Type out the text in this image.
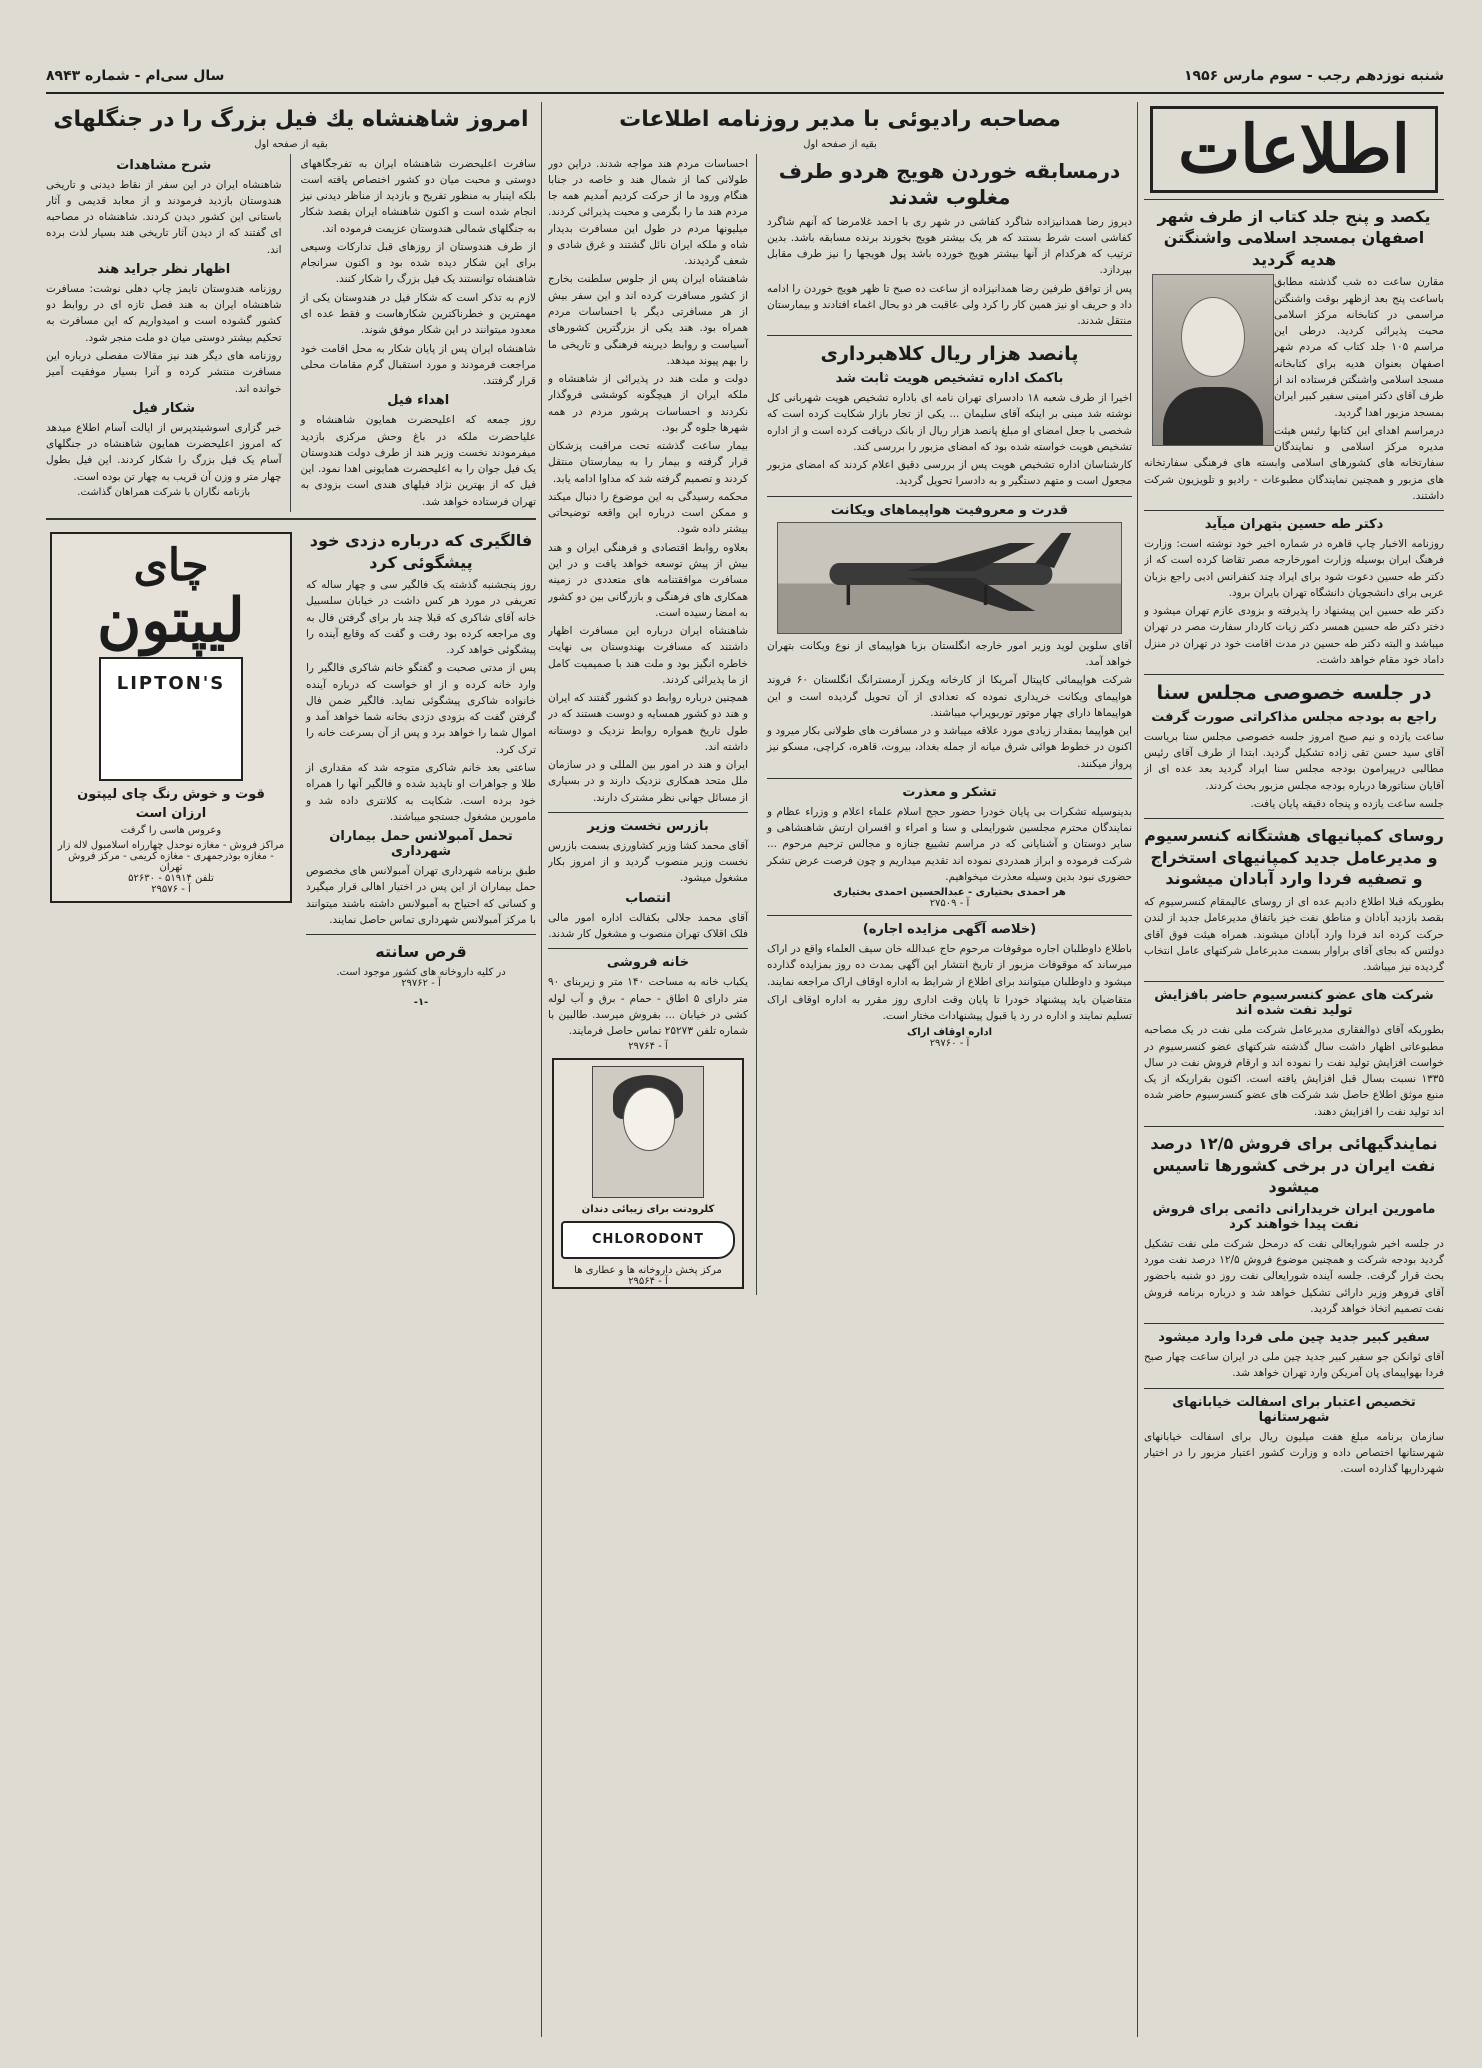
شنبه نوزدهم رجب - سوم مارس ۱۹۵۶
سال سی‌ام - شماره ۸۹۴۳
اطلاعات
یکصد و پنج جلد کتاب از طرف شهر اصفهان بمسجد اسلامی واشنگتن هدیه گردید

مقارن ساعت ده شب گذشته مطابق باساعت پنج بعد ازظهر بوقت واشنگتن مراسمی در کتابخانه مرکز اسلامی محبت پذیرائی کردید. درطی این مراسم ۱۰۵ جلد کتاب که مردم شهر اصفهان بعنوان هدیه برای کتابخانه مسجد اسلامی واشنگتن فرستاده اند از طرف آقای دکتر امینی سفیر کبیر ایران بمسجد مزبور اهدا گردید.

درمراسم اهدای این کتابها رئیس هیئت مدیره مرکز اسلامی و نمایندگان سفارتخانه های کشورهای اسلامی وابسته های فرهنگی سفارتخانه های مزبور و همچنین نمایندگان مطبوعات - رادیو و تلویزیون شرکت داشتند.

دکتر طه حسین بتهران میآید

روزنامه الاخبار چاپ قاهره در شماره اخیر خود نوشته است: وزارت فرهنگ ایران بوسیله وزارت امورخارجه مصر تقاضا کرده است که از دکتر طه حسین دعوت شود برای ایراد چند کنفرانس ادبی راجع بزبان عربی برای دانشجویان دانشگاه تهران بایران برود.

دکتر طه حسین این پیشنهاد را پذیرفته و بزودی عازم تهران میشود و دختر دکتر طه حسین همسر دکتر زیات کاردار سفارت مصر در تهران میباشد و البته دکتر طه حسین در مدت اقامت خود در تهران در منزل داماد خود مقام خواهد داشت.

در جلسه خصوصی مجلس سنا
راجع به بودجه مجلس مذاکراتی صورت گرفت

ساعت یازده و نیم صبح امروز جلسه خصوصی مجلس سنا بریاست آقای سید حسن تقی زاده تشکیل گردید. ابتدا از طرف آقای رئیس مطالبی درپیرامون بودجه مجلس سنا ایراد گردید بعد عده ای از آقایان سناتورها درباره بودجه مجلس مزبور بحث کردند.

جلسه ساعت یازده و پنجاه دقیقه پایان یافت.

روسای کمپانیهای هشتگانه کنسرسیوم و مدیرعامل جدید کمپانیهای استخراج و تصفیه فردا وارد آبادان میشوند

بطوریکه قبلا اطلاع دادیم عده ای از روسای عالیمقام کنسرسیوم که بقصد بازدید آبادان و مناطق نفت خیز باتفاق مدیرعامل جدید از لندن حرکت کرده اند فردا وارد آبادان میشوند. همراه هیئت فوق آقای دولتس که بجای آقای براوار بسمت مدیرعامل شرکتهای عامل انتخاب گردیده نیز میباشد.

شرکت های عضو کنسرسیوم حاضر بافزایش تولید نفت شده اند

بطوریکه آقای ذوالفقاری مدیرعامل شرکت ملی نفت در یک مصاحبه مطبوعاتی اظهار داشت سال گذشته شرکتهای عضو کنسرسیوم در خواست افزایش تولید نفت را نموده اند و ارقام فروش نفت در سال ۱۳۳۵ نسبت بسال قبل افزایش یافته است. اکنون بقراریکه از یک منبع موثق اطلاع حاصل شد شرکت های عضو کنسرسیوم حاضر شده اند تولید نفت را افزایش دهند.

نمایندگیهائی برای فروش ۱۲/۵ درصد نفت ایران در برخی کشورها تاسیس میشود
مامورین ایران خریدارانی دائمی برای فروش نفت پیدا خواهند کرد

در جلسه اخیر شورایعالی نفت که درمحل شرکت ملی نفت تشکیل گردید بودجه شرکت و همچنین موضوع فروش ۱۲/۵ درصد نفت مورد بحث قرار گرفت. جلسه آینده شورایعالی نفت روز دو شنبه باحضور آقای فروهر وزیر دارائی تشکیل خواهد شد و درباره برنامه فروش نفت تصمیم اتخاذ خواهد گردید.

سفیر کبیر جدید چین ملی فردا وارد میشود

آقای ئوانکن جو سفیر کبیر جدید چین ملی در ایران ساعت چهار صبح فردا بهواپیمای پان آمریکن وارد تهران خواهد شد.

تخصیص اعتبار برای اسفالت خیابانهای شهرستانها

سازمان برنامه مبلغ هفت میلیون ریال برای اسفالت خیابانهای شهرستانها اختصاص داده و وزارت کشور اعتبار مزبور را در اختیار شهرداریها گذارده است.

مصاحبه رادیوئی با مدیر روزنامه اطلاعات
بقیه از صفحه اول
درمسابقه خوردن هویج هردو طرف مغلوب شدند

دیروز رضا همدانیزاده شاگرد کفاشی در شهر ری با احمد غلامرضا که آنهم شاگرد کفاشی است شرط بستند که هر یک بیشتر هویج بخورند برنده مسابقه باشد. بدین ترتیب که هرکدام از آنها بیشتر هویج خورده باشد پول هویجها را نیز طرف مقابل بپردازد.

پس از توافق طرفین رضا همدانیزاده از ساعت ده صبح تا ظهر هویج خوردن را ادامه داد و حریف او نیز همین کار را کرد ولی عاقبت هر دو بحال اغماء افتادند و بیمارستان منتقل شدند.

پانصد هزار ریال کلاهبرداری
باکمک اداره تشخیص هویت ثابت شد

اخیرا از طرف شعبه ۱۸ دادسرای تهران نامه ای باداره تشخیص هویت شهربانی کل نوشته شد مبنی بر اینکه آقای سلیمان ... یکی از تجار بازار شکایت کرده است که شخصی با جعل امضای او مبلغ پانصد هزار ریال از بانک دریافت کرده است و از اداره تشخیص هویت خواسته شده بود که امضای مزبور را بررسی کند.

کارشناسان اداره تشخیص هویت پس از بررسی دقیق اعلام کردند که امضای مزبور مجعول است و متهم دستگیر و به دادسرا تحویل گردید.

قدرت و معروفیت هواپیماهای ویکانت

آقای سلوین لوید وزیر امور خارجه انگلستان بزبا هواپیمای از نوع ویکانت بتهران خواهد آمد.

شرکت هواپیمائی کاپیتال آمریکا از کارخانه ویکرز آرمسترانگ انگلستان ۶۰ فروند هواپیمای ویکانت خریداری نموده که تعدادی از آن تحویل گردیده است و این هواپیماها دارای چهار موتور توربوپراپ میباشند.

این هواپیما بمقدار زیادی مورد علاقه میباشد و در مسافرت های طولانی بکار میرود و اکنون در خطوط هوائی شرق میانه از جمله بغداد، بیروت، قاهره، کراچی، مسکو نیز پرواز میکنند.

تشکر و معذرت

بدینوسیله تشکرات بی پایان خودرا حضور حجج اسلام علماء اعلام و وزراء عظام و نمایندگان محترم مجلسین شورایملی و سنا و امراء و افسران ارتش شاهنشاهی و سایر دوستان و آشنایانی که در مراسم تشییع جنازه و مجالس ترحیم مرحوم ... شرکت فرموده و ابراز همدردی نموده اند تقدیم میداریم و چون فرصت عرض تشکر حضوری نبود بدین وسیله معذرت میخواهیم.

هر احمدی بختیاری - عبدالحسین احمدی بختیاری
آ - ۲۷۵۰۹
(خلاصه آگهی مزایده اجاره)

باطلاع داوطلبان اجاره موقوفات مرحوم حاج عبدالله خان سیف العلماء واقع در اراک میرساند که موقوفات مزبور از تاریخ انتشار این آگهی بمدت ده روز بمزایده گذارده میشود و داوطلبان میتوانند برای اطلاع از شرایط به اداره اوقاف اراک مراجعه نمایند.

متقاضیان باید پیشنهاد خودرا تا پایان وقت اداری روز مقرر به اداره اوقاف اراک تسلیم نمایند و اداره در رد یا قبول پیشنهادات مختار است.

اداره اوقاف اراک
آ - ۲۹۷۶۰

احساسات مردم هند مواجه شدند. دراین دور طولانی کما از شمال هند و خاصه در جنابا هنگام ورود ما از حرکت کردیم آمدیم همه جا مردم هند ما را بگرمی و محبت پذیرائی کردند. میلیونها مردم در طول این مسافرت بدیدار شاه و ملکه ایران نائل گشتند و غرق شادی و شعف گردیدند.

شاهنشاه ایران پس از جلوس سلطنت بخارج از کشور مسافرت کرده اند و این سفر بیش از هر مسافرتی دیگر با احساسات مردم همراه بود. هند یکی از بزرگترین کشورهای آسیاست و روابط دیرینه فرهنگی و تاریخی ما را بهم پیوند میدهد.

دولت و ملت هند در پذیرائی از شاهنشاه و ملکه ایران از هیچگونه کوششی فروگذار نکردند و احساسات پرشور مردم در همه شهرها جلوه گر بود.

بیمار ساعت گذشته تحت مراقبت پزشکان قرار گرفته و بیمار را به بیمارستان منتقل کردند و تصمیم گرفته شد که مداوا ادامه یابد.

محکمه رسیدگی به این موضوع را دنبال میکند و ممکن است درباره این واقعه توضیحاتی بیشتر داده شود.

بعلاوه روابط اقتصادی و فرهنگی ایران و هند بیش از پیش توسعه خواهد یافت و در این مسافرت موافقتنامه های متعددی در زمینه همکاری های فرهنگی و بازرگانی بین دو کشور به امضا رسیده است.

شاهنشاه ایران درباره این مسافرت اظهار داشتند که مسافرت بهندوستان بی نهایت خاطره انگیز بود و ملت هند با صمیمیت کامل از ما پذیرائی کردند.

همچنین درباره روابط دو کشور گفتند که ایران و هند دو کشور همسایه و دوست هستند که در طول تاریخ همواره روابط نزدیک و دوستانه داشته اند.

ایران و هند در امور بین المللی و در سازمان ملل متحد همکاری نزدیک دارند و در بسیاری از مسائل جهانی نظر مشترک دارند.

بازرس نخست وزیر

آقای محمد کشا وزیر کشاورزی بسمت بازرس نخست وزیر منصوب گردید و از امروز بکار مشغول میشود.

انتصاب

آقای محمد جلالی بکفالت اداره امور مالی فلک اقلاک تهران منصوب و مشغول کار شدند.

خانه فروشی

یکباب خانه به مساحت ۱۴۰ متر و زیربنای ۹۰ متر دارای ۵ اطاق - حمام - برق و آب لوله کشی در خیابان ... بفروش میرسد. طالبین با شماره تلفن ۲۵۲۷۳ تماس حاصل فرمایند.

آ - ۲۹۷۶۴
کلرودنت برای زیبائی دندان
CHLORODONT
مرکز پخش داروخانه ها و عطاری ها
آ - ۲۹۵۶۴
امروز شاهنشاه یك فیل بزرگ را در جنگلهای
بقیه از صفحه اول

سافرت اعلیحضرت شاهنشاه ایران به تفرجگاههای دوستی و محبت میان دو کشور اختصاص یافته است بلکه اینبار به منظور تفریح و بازدید از مناظر دیدنی نیز انجام شده است و اکنون شاهنشاه ایران بقصد شکار به جنگلهای شمالی هندوستان عزیمت فرموده اند.

از طرف هندوستان از روزهای قبل تدارکات وسیعی برای این شکار دیده شده بود و اکنون سرانجام شاهنشاه توانستند یک فیل بزرگ را شکار کنند.

لازم به تذکر است که شکار فیل در هندوستان یکی از مهمترین و خطرناکترین شکارهاست و فقط عده ای معدود میتوانند در این شکار موفق شوند.

شاهنشاه ایران پس از پایان شکار به محل اقامت خود مراجعت فرمودند و مورد استقبال گرم مقامات محلی قرار گرفتند.

اهداء فیل

روز جمعه که اعلیحضرت همایون شاهنشاه و علیاحضرت ملکه در باغ وحش مرکزی بازدید میفرمودند نخست وزیر هند از طرف دولت هندوستان یک فیل جوان را به اعلیحضرت همایونی اهدا نمود. این فیل که از بهترین نژاد فیلهای هندی است بزودی به تهران فرستاده خواهد شد.

شرح مشاهدات

شاهنشاه ایران در این سفر از نقاط دیدنی و تاریخی هندوستان بازدید فرمودند و از معابد قدیمی و آثار باستانی این کشور دیدن کردند. شاهنشاه در مصاحبه ای گفتند که از دیدن آثار تاریخی هند بسیار لذت برده اند.

اظهار نظر جراید هند

روزنامه هندوستان تایمز چاپ دهلی نوشت: مسافرت شاهنشاه ایران به هند فصل تازه ای در روابط دو کشور گشوده است و امیدواریم که این مسافرت به تحکیم بیشتر دوستی میان دو ملت منجر شود.

روزنامه های دیگر هند نیز مقالات مفصلی درباره این مسافرت منتشر کرده و آنرا بسیار موفقیت آمیز خوانده اند.

شکار فیل

خبر گزاری اسوشیتدپرس از ایالت آسام اطلاع میدهد که امروز اعلیحضرت همایون شاهنشاه در جنگلهای آسام یک فیل بزرگ را شکار کردند. این فیل بطول چهار متر و وزن آن قریب به چهار تن بوده است.

بازنامه نگاران با شرکت همراهان گذاشت.
فالگیری که درباره دزدی خود پیشگوئی کرد

روز پنجشنبه گذشته یک فالگیر سی و چهار ساله که تعریفی در مورد هر کس داشت در خیابان سلسبیل خانه آقای شاکری که قبلا چند بار برای گرفتن فال به وی مراجعه کرده بود رفت و گفت که وقایع آینده را پیشگوئی خواهد کرد.

پس از مدتی صحبت و گفتگو خانم شاکری فالگیر را وارد خانه کرده و از او خواست که درباره آینده خانواده شاکری پیشگوئی نماید. فالگیر ضمن فال گرفتن گفت که بزودی دزدی بخانه شما خواهد آمد و اموال شما را خواهد برد و پس از آن بسرعت خانه را ترک کرد.

ساعتی بعد خانم شاکری متوجه شد که مقداری از طلا و جواهرات او ناپدید شده و فالگیر آنها را همراه خود برده است. شکایت به کلانتری داده شد و مامورین مشغول جستجو میباشند.

تحمل آمبولانس حمل بیماران شهرداری

طبق برنامه شهرداری تهران آمبولانس های مخصوص حمل بیماران از این پس در اختیار اهالی قرار میگیرد و کسانی که احتیاج به آمبولانس داشته باشند میتوانند با مرکز آمبولانس شهرداری تماس حاصل نمایند.

قرص سانته
در کلیه داروخانه های کشور موجود است.
آ - ۲۹۷۶۲
-۱-
چای
لیپتون
LIPTON'S
قوت و خوش رنگ چای لیپتون
ارزان است
وعروس هاسی را گرفت
مراکز فروش - مغازه نوحدل چهارراه اسلامبول لاله زار - مغازه بوذرجمهری - مغازه کریمی - مرکز فروش تهران
تلفن ۵۱۹۱۴ - ۵۲۶۳۰
آ - ۲۹۵۷۶
